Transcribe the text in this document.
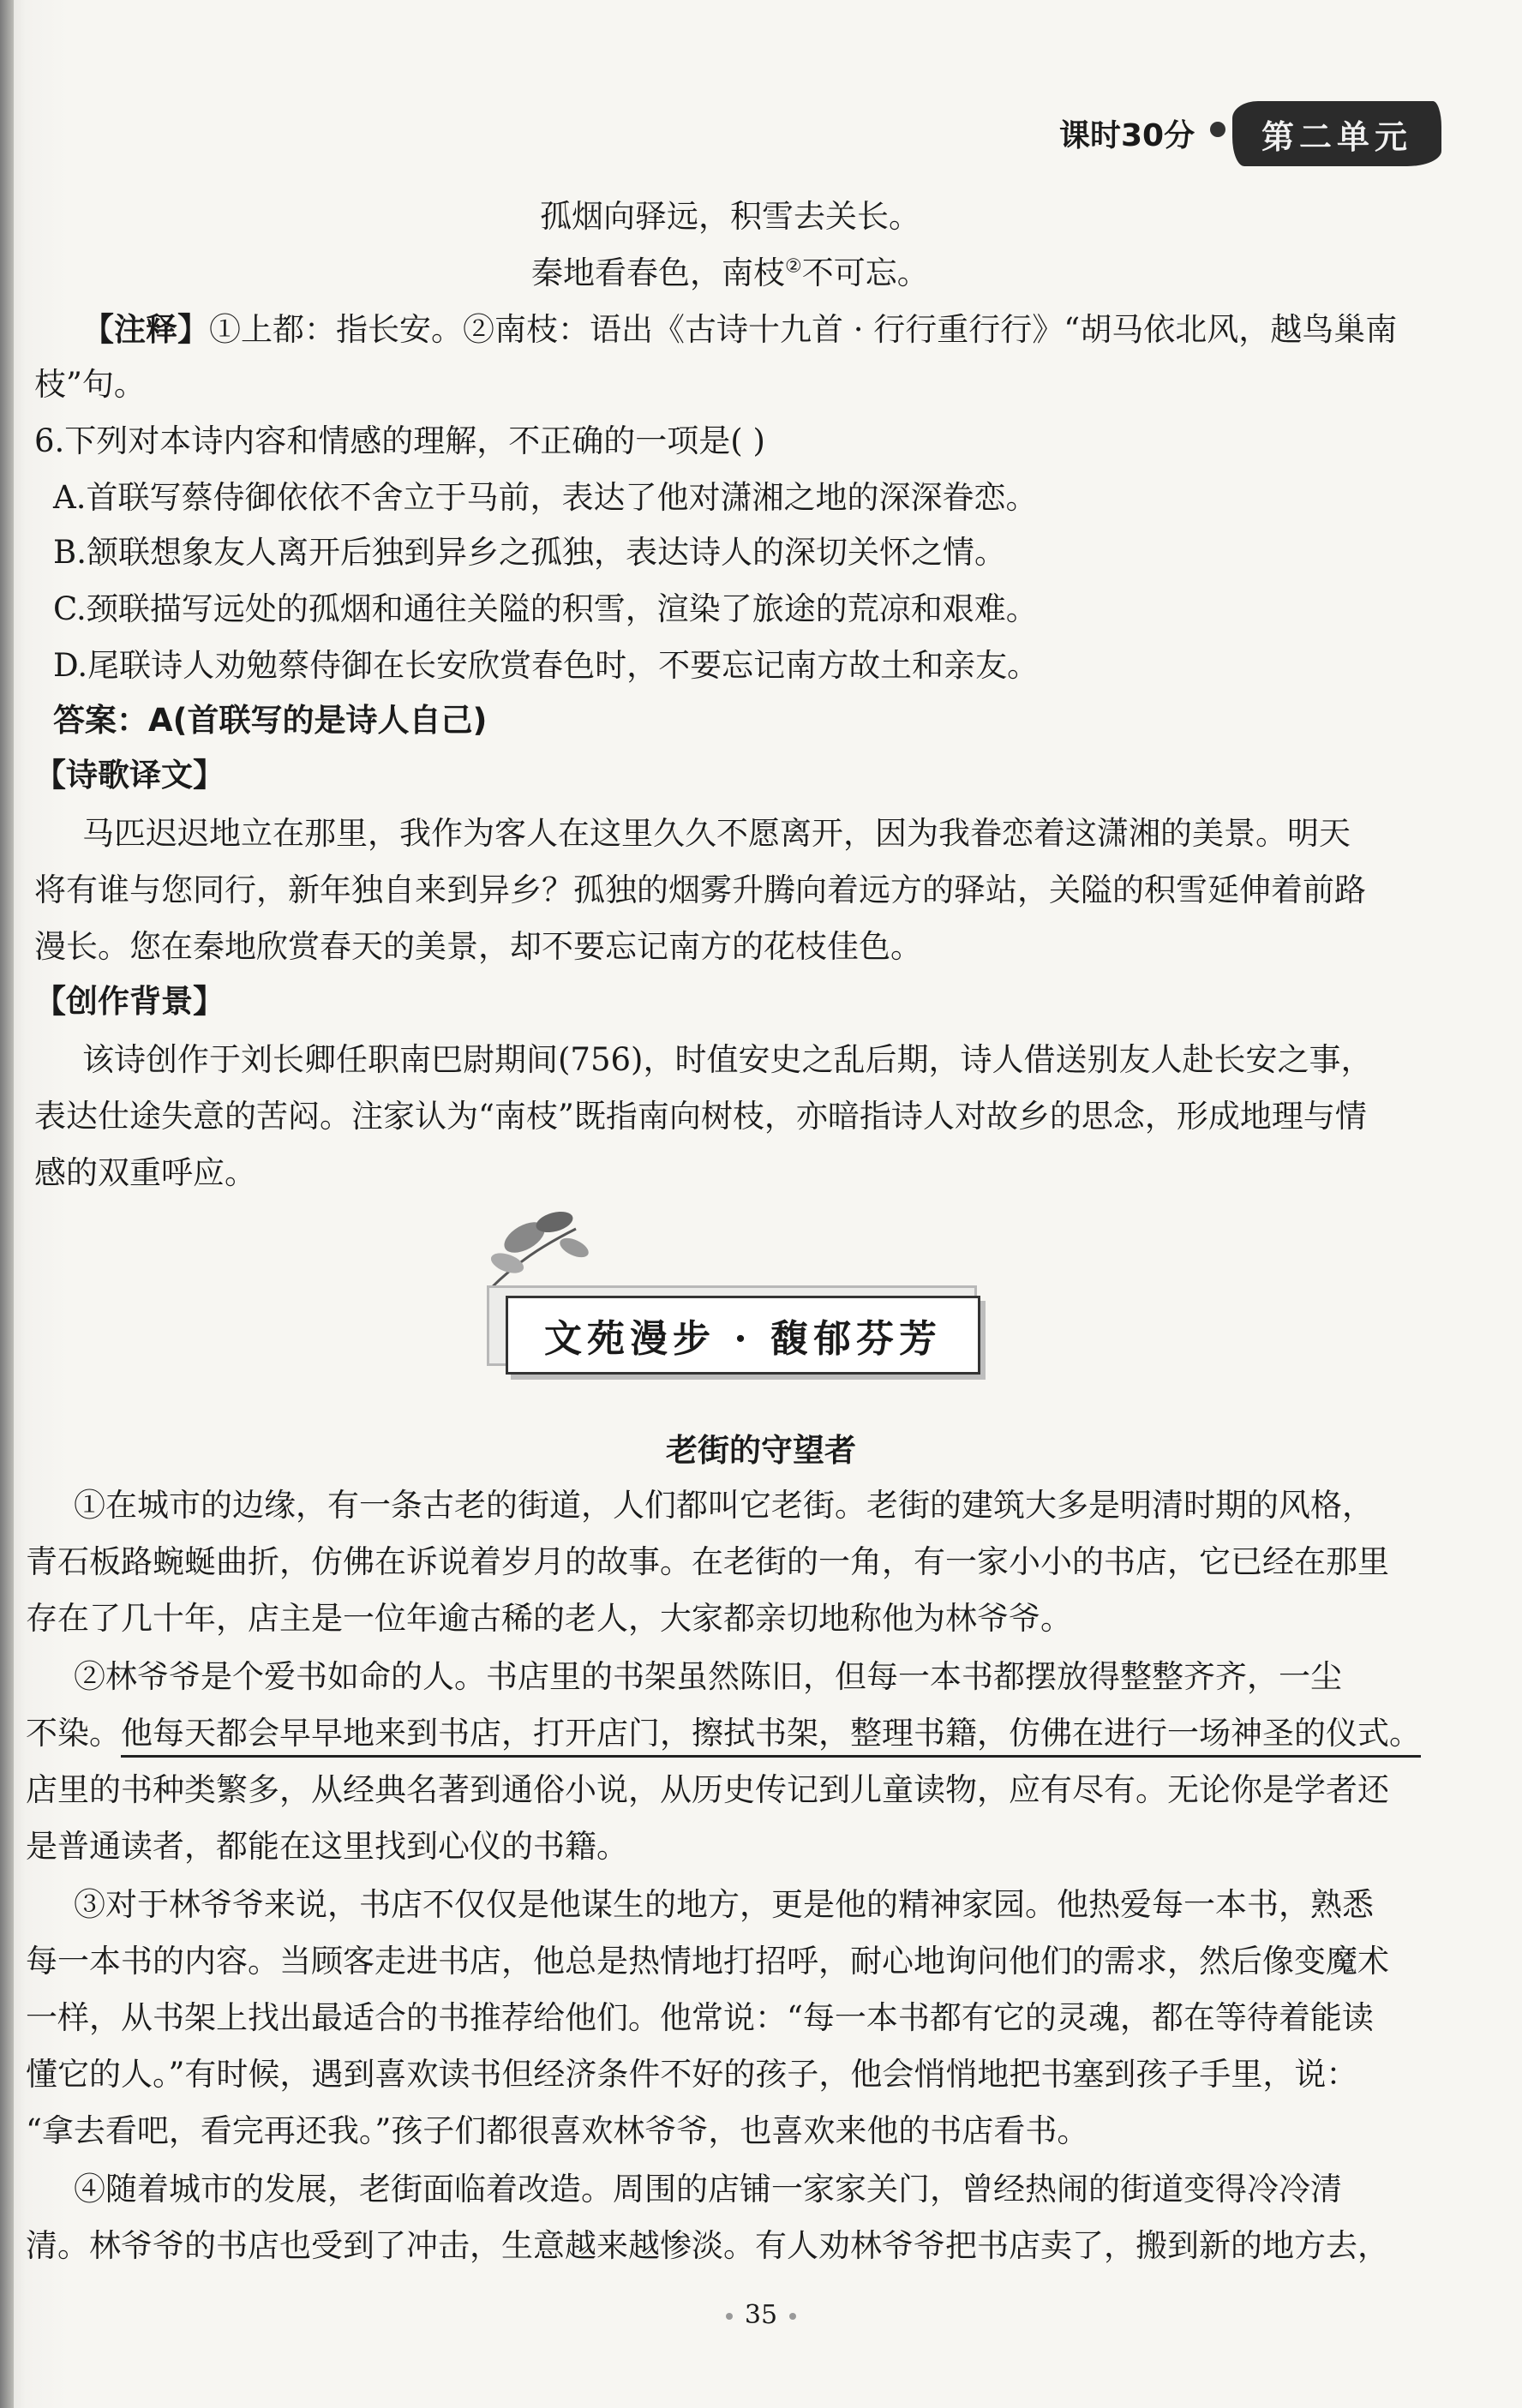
课时30分	第二单元
孤烟向驿远，积雪去关长。
秦地看春色，南枝②不可忘。
【注释】①上都：指长安。②南枝：语出《古诗十九首 · 行行重行行》“胡马依北风，越鸟巢南
枝”句。
6.下列对本诗内容和情感的理解，不正确的一项是( )
A.首联写蔡侍御依依不舍立于马前，表达了他对潇湘之地的深深眷恋。
B.颔联想象友人离开后独到异乡之孤独，表达诗人的深切关怀之情。
C.颈联描写远处的孤烟和通往关隘的积雪，渲染了旅途的荒凉和艰难。
D.尾联诗人劝勉蔡侍御在长安欣赏春色时，不要忘记南方故土和亲友。
答案：A(首联写的是诗人自己)
【诗歌译文】
马匹迟迟地立在那里，我作为客人在这里久久不愿离开，因为我眷恋着这潇湘的美景。明天
将有谁与您同行，新年独自来到异乡？孤独的烟雾升腾向着远方的驿站，关隘的积雪延伸着前路
漫长。您在秦地欣赏春天的美景，却不要忘记南方的花枝佳色。
【创作背景】
该诗创作于刘长卿任职南巴尉期间(756)，时值安史之乱后期，诗人借送别友人赴长安之事，
表达仕途失意的苦闷。注家认为“南枝”既指南向树枝，亦暗指诗人对故乡的思念，形成地理与情
感的双重呼应。
文苑漫步 · 馥郁芬芳
老街的守望者
①在城市的边缘，有一条古老的街道，人们都叫它老街。老街的建筑大多是明清时期的风格，
青石板路蜿蜒曲折，仿佛在诉说着岁月的故事。在老街的一角，有一家小小的书店，它已经在那里
存在了几十年，店主是一位年逾古稀的老人，大家都亲切地称他为林爷爷。
②林爷爷是个爱书如命的人。书店里的书架虽然陈旧，但每一本书都摆放得整整齐齐，一尘
不染。他每天都会早早地来到书店，打开店门，擦拭书架，整理书籍，仿佛在进行一场神圣的仪式。
店里的书种类繁多，从经典名著到通俗小说，从历史传记到儿童读物，应有尽有。无论你是学者还
是普通读者，都能在这里找到心仪的书籍。
③对于林爷爷来说，书店不仅仅是他谋生的地方，更是他的精神家园。他热爱每一本书，熟悉
每一本书的内容。当顾客走进书店，他总是热情地打招呼，耐心地询问他们的需求，然后像变魔术
一样，从书架上找出最适合的书推荐给他们。他常说：“每一本书都有它的灵魂，都在等待着能读
懂它的人。”有时候，遇到喜欢读书但经济条件不好的孩子，他会悄悄地把书塞到孩子手里，说：
“拿去看吧，看完再还我。”孩子们都很喜欢林爷爷，也喜欢来他的书店看书。
④随着城市的发展，老街面临着改造。周围的店铺一家家关门，曾经热闹的街道变得冷冷清
清。林爷爷的书店也受到了冲击，生意越来越惨淡。有人劝林爷爷把书店卖了，搬到新的地方去，
35
